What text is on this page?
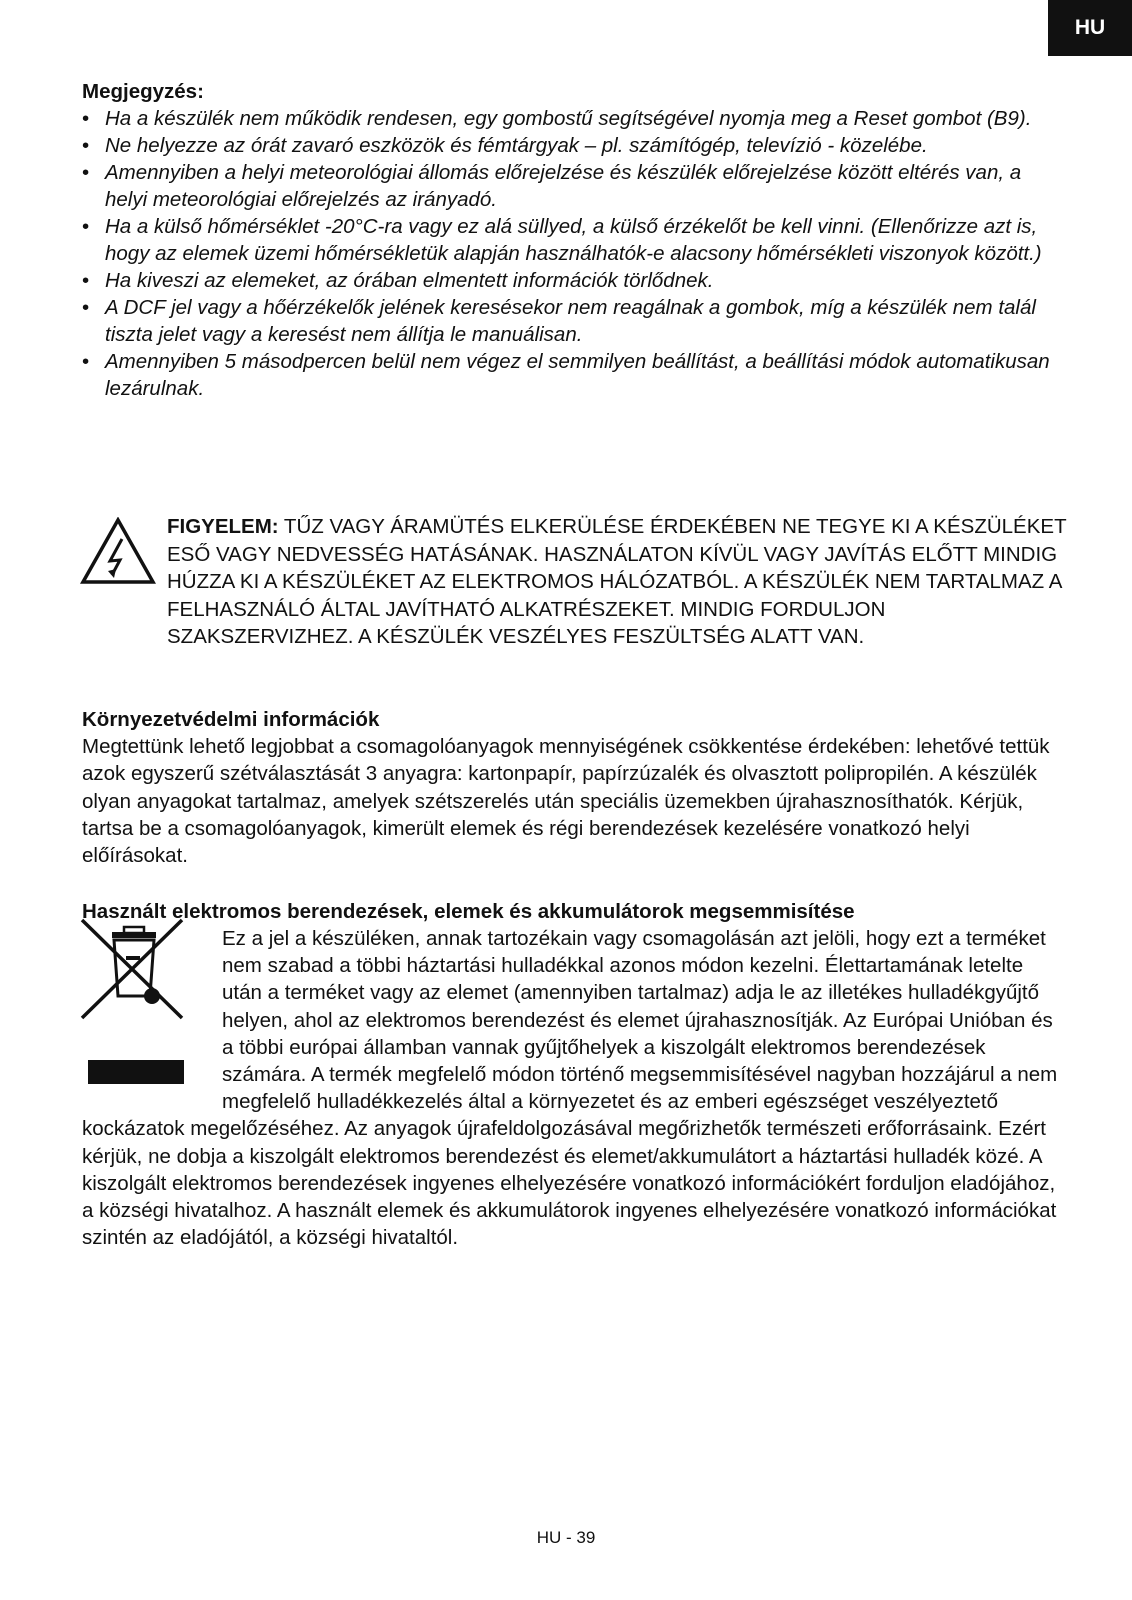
HU
Megjegyzés:
• Ha a készülék nem működik rendesen, egy gombostű segítségével nyomja meg a Reset gombot (B9).
• Ne helyezze az órát zavaró eszközök és fémtárgyak – pl. számítógép, televízió - közelébe.
• Amennyiben a helyi meteorológiai állomás előrejelzése és készülék előrejelzése között eltérés van, a helyi meteorológiai előrejelzés az irányadó.
• Ha a külső hőmérséklet -20°C-ra vagy ez alá süllyed, a külső érzékelőt be kell vinni. (Ellenőrizze azt is, hogy az elemek üzemi hőmérsékletük alapján használhatók-e alacsony hőmérsékleti viszonyok között.)
• Ha kiveszi az elemeket, az órában elmentett információk törlődnek.
• A DCF jel vagy a hőérzékelők jelének keresésekor nem reagálnak a gombok, míg a készülék nem talál tiszta jelet vagy a keresést nem állítja le manuálisan.
• Amennyiben 5 másodpercen belül nem végez el semmilyen beállítást, a beállítási módok automatikusan lezárulnak.
FIGYELEM: TŰZ VAGY ÁRAMÜTÉS ELKERÜLÉSE ÉRDEKÉBEN NE TEGYE KI A KÉSZÜLÉKET ESŐ VAGY NEDVESSÉG HATÁSÁNAK. HASZNÁLATON KÍVÜL VAGY JAVÍTÁS ELŐTT MINDIG HÚZZA KI A KÉSZÜLÉKET AZ ELEKTROMOS HÁLÓZATBÓL. A KÉSZÜLÉK NEM TARTALMAZ A FELHASZNÁLÓ ÁLTAL JAVÍTHATÓ ALKATRÉSZEKET. MINDIG FORDULJON SZAKSZERVIZHEZ. A KÉSZÜLÉK VESZÉLYES FESZÜLTSÉG ALATT VAN.
Környezetvédelmi információk
Megtettünk lehető legjobbat a csomagolóanyagok mennyiségének csökkentése érdekében: lehetővé tettük azok egyszerű szétválasztását 3 anyagra: kartonpapír, papírzúzalék és olvasztott polipropilén. A készülék olyan anyagokat tartalmaz, amelyek szétszerelés után speciális üzemekben újrahasznosíthatók. Kérjük, tartsa be a csomagolóanyagok, kimerült elemek és régi berendezések kezelésére vonatkozó helyi előírásokat.
Használt elektromos berendezések, elemek és akkumulátorok megsemmisítése
Ez a jel a készüléken, annak tartozékain vagy csomagolásán azt jelöli, hogy ezt a terméket nem szabad a többi háztartási hulladékkal azonos módon kezelni. Élettartamának letelte után a terméket vagy az elemet (amennyiben tartalmaz) adja le az illetékes hulladékgyűjtő helyen, ahol az elektromos berendezést és elemet újrahasznosítják. Az Európai Unióban és a többi európai államban vannak gyűjtőhelyek a kiszolgált elektromos berendezések számára. A termék megfelelő módon történő megsemmisítésével nagyban hozzájárul a nem megfelelő hulladékkezelés által a környezetet és az emberi egészséget veszélyeztető kockázatok megelőzéséhez. Az anyagok újrafeldolgozásával megőrizhetők természeti erőforrásaink. Ezért kérjük, ne dobja a kiszolgált elektromos berendezést és elemet/akkumulátort a háztartási hulladék közé. A kiszolgált elektromos berendezések ingyenes elhelyezésére vonatkozó információkért forduljon eladójához, a községi hivatalhoz. A használt elemek és akkumulátorok ingyenes elhelyezésére vonatkozó információkat szintén az eladójától, a községi hivataltól.
HU - 39
